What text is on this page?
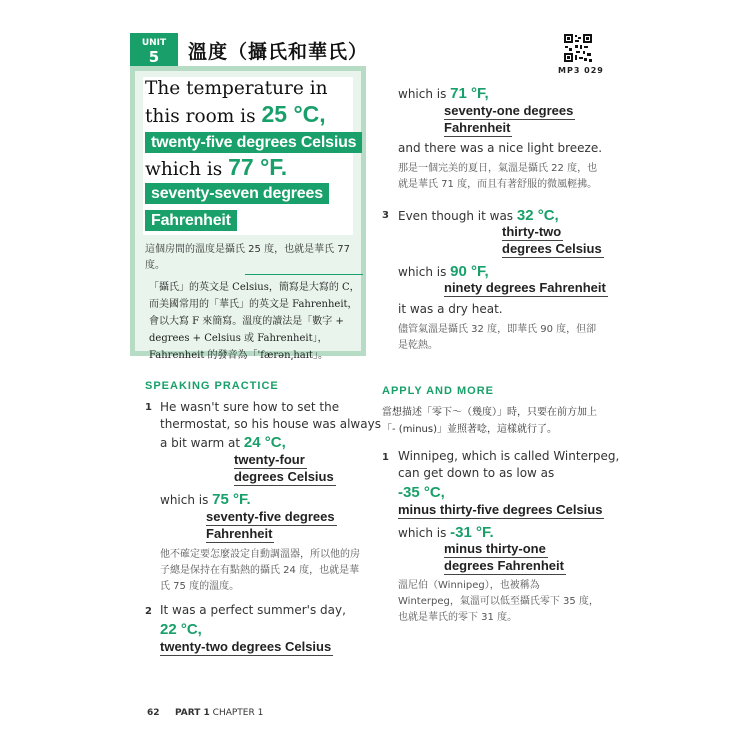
UNIT
5	溫度（攝氏和華氏）
MP3 029
The temperature in
this room is 25 °C,
twenty-five degrees Celsius
which is 77 °F.
seventy-seven degrees
Fahrenheit
這個房間的溫度是攝氏 25 度，也就是華氏 77 度。
「攝氏」的英文是 Celsius，簡寫是大寫的 C，而美國常用的「華氏」的英文是 Fahrenheit，會以大寫 F 來簡寫。溫度的讀法是「數字 + degrees + Celsius 或 Fahrenheit」，Fahrenheit 的發音為「'færən͵haɪt」。
SPEAKING PRACTICE
1 He wasn't sure how to set the
thermostat, so his house was always
a bit warm at 24 °C,
twenty-four
degrees Celsius
which is 75 °F.
seventy-five degrees
Fahrenheit
他不確定要怎麼設定自動調溫器，所以他的房子總是保持在有點熱的攝氏 24 度，也就是華氏 75 度的溫度。
2 It was a perfect summer's day,
22 °C,
twenty-two degrees Celsius
which is 71 °F,
seventy-one degrees
Fahrenheit
and there was a nice light breeze.
那是一個完美的夏日，氣溫是攝氏 22 度，也就是華氏 71 度，而且有著舒服的微風輕拂。
3 Even though it was 32 °C,
thirty-two
degrees Celsius
which is 90 °F,
ninety degrees Fahrenheit
it was a dry heat.
儘管氣溫是攝氏 32 度，即華氏 90 度，但卻是乾熱。
APPLY AND MORE
當想描述「零下～（幾度）」時，只要在前方加上「- (minus)」並照著唸，這樣就行了。
1 Winnipeg, which is called Winterpeg,
can get down to as low as
-35 °C,
minus thirty-five degrees Celsius
which is -31 °F.
minus thirty-one
degrees Fahrenheit
溫尼伯（Winnipeg），也被稱為 Winterpeg，氣溫可以低至攝氏零下 35 度，也就是華氏的零下 31 度。
62 PART 1 CHAPTER 1
